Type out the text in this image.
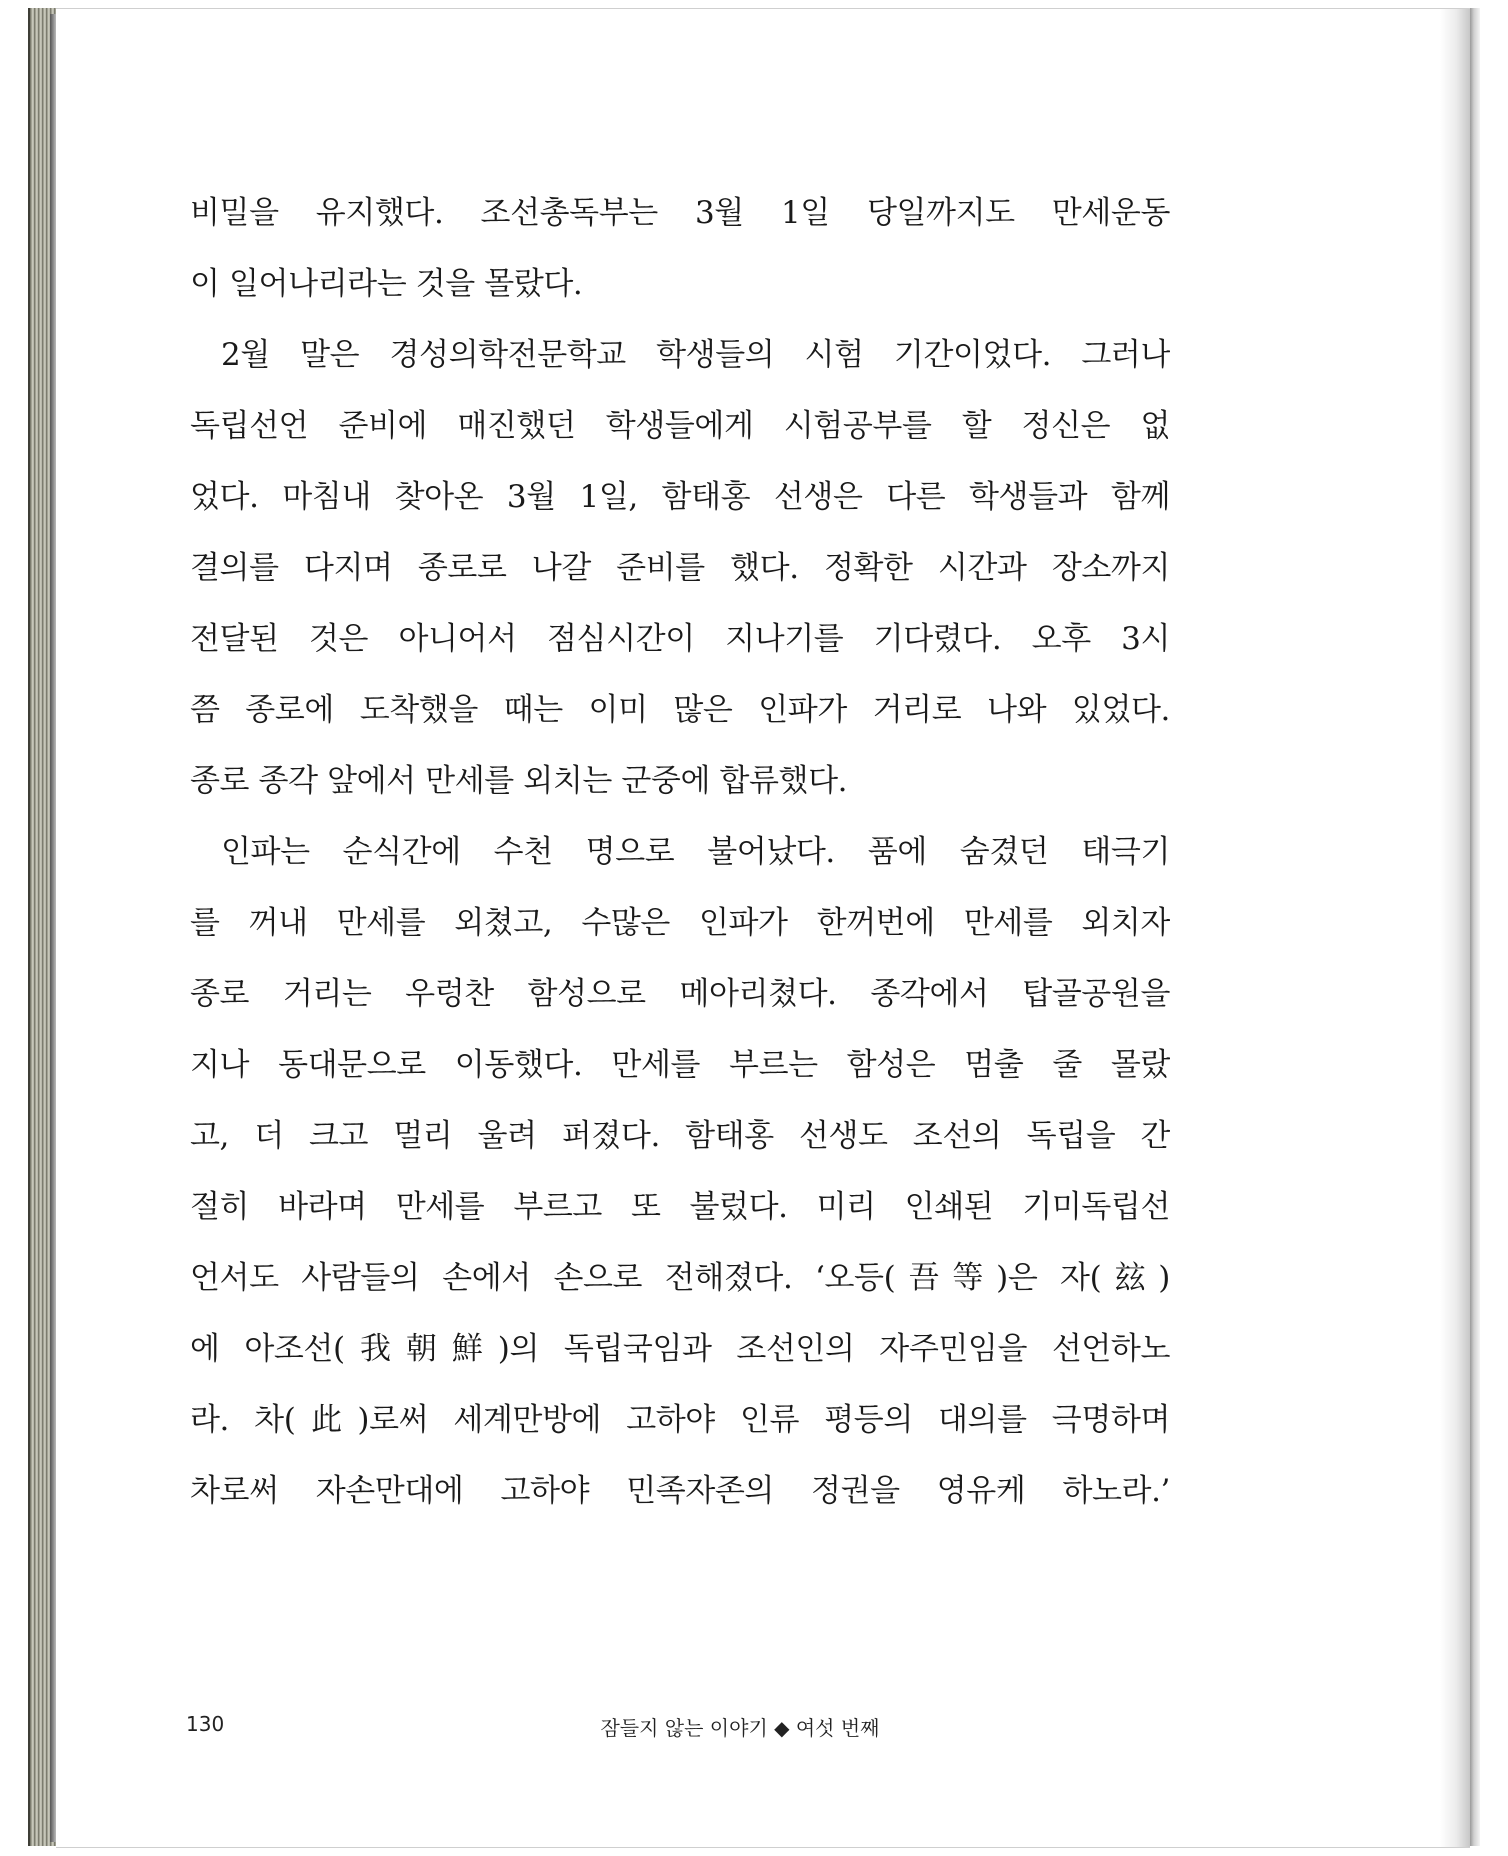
비밀을 유지했다. 조선총독부는 3월 1일 당일까지도 만세운동
이 일어나리라는 것을 몰랐다.
2월 말은 경성의학전문학교 학생들의 시험 기간이었다. 그러나
독립선언 준비에 매진했던 학생들에게 시험공부를 할 정신은 없
었다. 마침내 찾아온 3월 1일, 함태홍 선생은 다른 학생들과 함께
결의를 다지며 종로로 나갈 준비를 했다. 정확한 시간과 장소까지
전달된 것은 아니어서 점심시간이 지나기를 기다렸다. 오후 3시
쯤 종로에 도착했을 때는 이미 많은 인파가 거리로 나와 있었다.
종로 종각 앞에서 만세를 외치는 군중에 합류했다.
인파는 순식간에 수천 명으로 불어났다. 품에 숨겼던 태극기
를 꺼내 만세를 외쳤고, 수많은 인파가 한꺼번에 만세를 외치자
종로 거리는 우렁찬 함성으로 메아리쳤다. 종각에서 탑골공원을
지나 동대문으로 이동했다. 만세를 부르는 함성은 멈출 줄 몰랐
고, 더 크고 멀리 울려 퍼졌다. 함태홍 선생도 조선의 독립을 간
절히 바라며 만세를 부르고 또 불렀다. 미리 인쇄된 기미독립선
언서도 사람들의 손에서 손으로 전해졌다. ‘오등(吾等)은 자(玆)
에 아조선(我朝鮮)의 독립국임과 조선인의 자주민임을 선언하노
라. 차(此)로써 세계만방에 고하야 인류 평등의 대의를 극명하며
차로써 자손만대에 고하야 민족자존의 정권을 영유케 하노라.’
130	잠들지 않는 이야기 ◆ 여섯 번째
